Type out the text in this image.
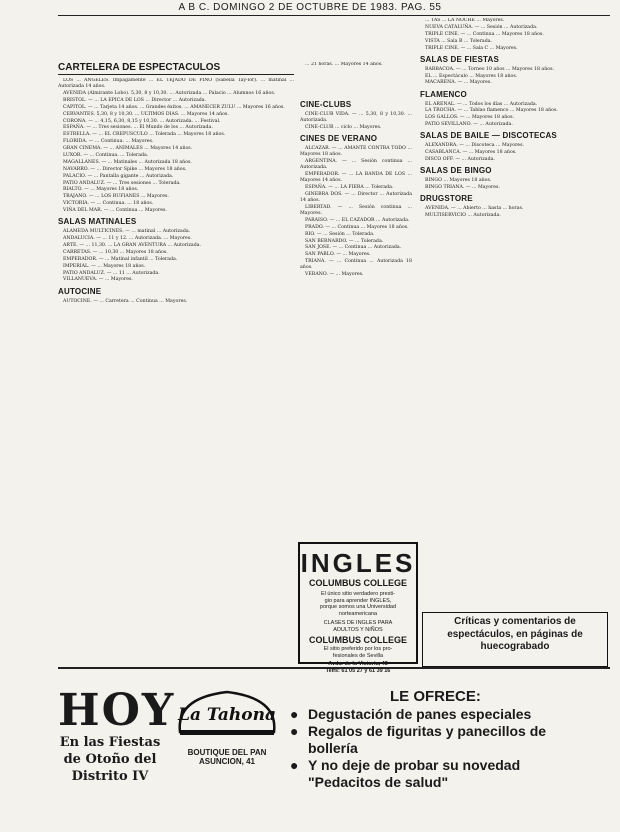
A B C. DOMINGO 2 DE OCTUBRE DE 1983. PAG. 55
CARTELERA DE ESPECTACULOS

LOS ... ANGELES. Impagamente ... EL TEJADO DE PINO (Sabella Tay-lor). ... matinal ... Autorizada 14 años.

AVENIDA (Almirante Lobo). 5,30, 8 y 10,30. ... Autorizada ... Palacio ... Alumnos 16 años.

BRISTOL. — ... LA EPICA DE LOS ... Director ... Autorizada.

CAPITOL. — ... Tarjeta 14 años. ... Grandes éxitos. ... AMANECER ZULU ... Mayores 16 años.

CERVANTES. 5,30, 8 y 10,30. ... ULTIMOS DIAS. ... Mayores 14 años.

CORONA. — ... 4,15, 6,30, 8,15 y 10,30. ... Autorizada. ... Festival.

ESPAÑA. — ... Tres sesiones. ... El Mundo de los ... Autorizada.

ESTRELLA. — ... EL CREPUSCULO ... Tolerada ... Mayores 18 años.

FLORIDA. — ... Continua. ... Mayores.

GRAN CINEMA. — ... ANIMALES ... Mayores 14 años.

LUXOR. — ... Continua. ... Tolerada.

MAGALLANES. — ... Matinales ... Autorizada 18 años.

NAVARRO. — ... Director Spike ... Mayores 18 años.

PALACIO. — ... Pantalla gigante ... Autorizada.

PATIO ANDALUZ. — ... Tres sesiones ... Tolerada.

RIALTO. — ... Mayores 18 años.

TRAJANO. — ... LOS RUFIANES ... Mayores.

VICTORIA. — ... Continua. ... 18 años.

VIÑA DEL MAR. — ... Continua ... Mayores.

SALAS MATINALES

ALAMEDA MULTICINES. — ... matinal ... Autorizada.

ANDALUCIA. — ... 11 y 12. ... Autorizada. ... Mayores.

ARTE. — ... 11,30. ... LA GRAN AVENTURA ... Autorizada.

CARRETAS. — ... 10,30 ... Mayores 18 años.

EMPERADOR. — ... Matinal infantil ... Tolerada.

IMPERIAL. — ... Mayores 18 años.

PATIO ANDALUZ. — ... 11 ... Autorizada.

VILLANUEVA. — ... Mayores.

AUTOCINE

AUTOCINE. — ... Carretera ... Continua ... Mayores.

... 21 horas. ... Mayores 14 años.

CINE-CLUBS

CINE-CLUB VIDA. — ... 5,30, 8 y 10,30. ... Autorizada.

CINE-CLUB ... ciclo ... Mayores.

CINES DE VERANO

ALCAZAR. — ... AMANTE CONTRA TODO ... Mayores 18 años.

ARGENTINA. — ... Sesión continua ... Autorizada.

EMPERADOR. — ... LA BANDA DE LOS ... Mayores 14 años.

ESPAÑA. — ... LA FIERA ... Tolerada.

GINEBRA DOS. — ... Director ... Autorizada 14 años.

LIBERTAD. — ... Sesión continua ... Mayores.

PARAISO. — ... EL CAZADOR ... Autorizada.

PRADO. — ... Continua ... Mayores 18 años.

RIO. — ... Sesión ... Tolerada.

SAN BERNARDO. — ... Tolerada.

SAN JOSE. — ... Continua ... Autorizada.

SAN PABLO. — ... Mayores.

TRIANA. — ... Continua ... Autorizada 18 años.

VERANO. — ... Mayores.

INGLES
COLUMBUS COLLEGE
El único sitio verdadero presti-
gio para aprender INGLES,
porque somos una Universidad
norteamericana
CLASES DE INGLES PARA
ADULTOS Y NIÑOS
COLUMBUS COLLEGE
El sitio preferido por los pro-
fesionales de Sevilla
Avda. de la Victoria, 43
Telfs: 61 05 27 y 61 39 16

... TAS ... LA NOCHE ... Mayores.

NUEVA CATALUÑA. — ... Sesión ... Autorizada.

TRIPLE CINE. — ... Continua ... Mayores 18 años.

VISTA ... Sala B ... Tolerada.

TRIPLE CINE. — ... Sala C ... Mayores.

SALAS DE FIESTAS

BARBACOA. — ... Torneo 10 años ... Mayores 18 años.

EL ... Espectáculo ... Mayores 18 años.

MACARENA. — ... Mayores.

FLAMENCO

EL ARENAL. — ... Todos los días ... Autorizada.

LA TROCHA. — ... Tablao flamenco ... Mayores 18 años.

LOS GALLOS. — ... Mayores 18 años.

PATIO SEVILLANO. — ... Autorizada.

SALAS DE BAILE — DISCOTECAS

ALEXANDRA. — ... Discoteca ... Mayores.

CASABLANCA. — ... Mayores 18 años.

DISCO OFF. — ... Autorizada.

SALAS DE BINGO

BINGO ... Mayores 18 años.

BINGO TRIANA. — ... Mayores.

DRUGSTORE

AVENIDA. — ... Abierto ... hasta ... horas.

MULTISERVICIO ... Autorizada.

Críticas y comentarios de
espectáculos, en páginas de
huecograbado
HOY
En las Fiestas
de Otoño del
Distrito IV
La Tahona
BOUTIQUE DEL PAN
ASUNCION, 41
LE OFRECE:
● Degustación de panes especiales
● Regalos de figuritas y panecillos de
bollería
● Y no deje de probar su novedad
"Pedacitos de salud"
